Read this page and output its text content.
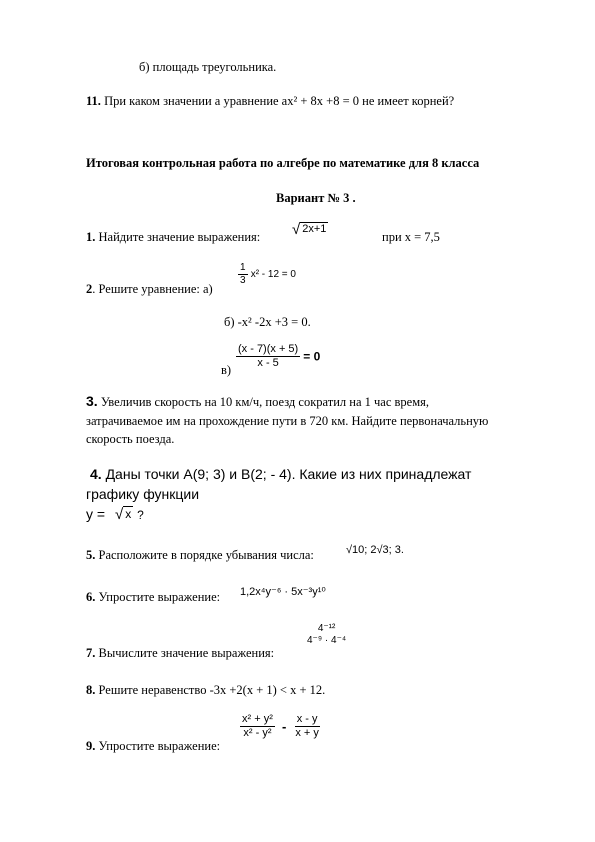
б) площадь треугольника.
11. При каком значении а уравнение ах² + 8х +8 = 0 не имеет корней?
Итоговая контрольная работа по алгебре по математике для 8 класса
Вариант № 3 .
1. Найдите значение выражения: √ 2x+1
при х = 7,5
$\frac{1}{3} x^2 - 12 = 0$
2. Решите уравнение: а)
б) -х² -2х +3 = 0.
$в) \frac{(x - 7)(x + 5)}{x - 5} = 0$
3. Увеличив скорость на 10 км/ч, поезд сократил на 1 час время,
затрачиваемое им на прохождение пути в 720 км. Найдите первоначальную
скорость поезда.
4. Даны точки А(9; 3) и В(2; - 4). Какие из них принадлежат
графику функции
у = √ x ?
5. Расположите в порядке убывания числа:	√10; 2√3; 3.
6. Упростите выражение: 1,2x⁴y⁻⁶ · 5x⁻³y¹⁰
4⁻¹²
4⁻⁹ · 4⁻⁴
7. Вычислите значение выражения:
8. Решите неравенство -3х +2(х + 1) < х + 12.
$\frac{\text{x² + y²}}{\text{x² - y²}} - \frac{x - y}{x + y}$
9. Упростите выражение:
